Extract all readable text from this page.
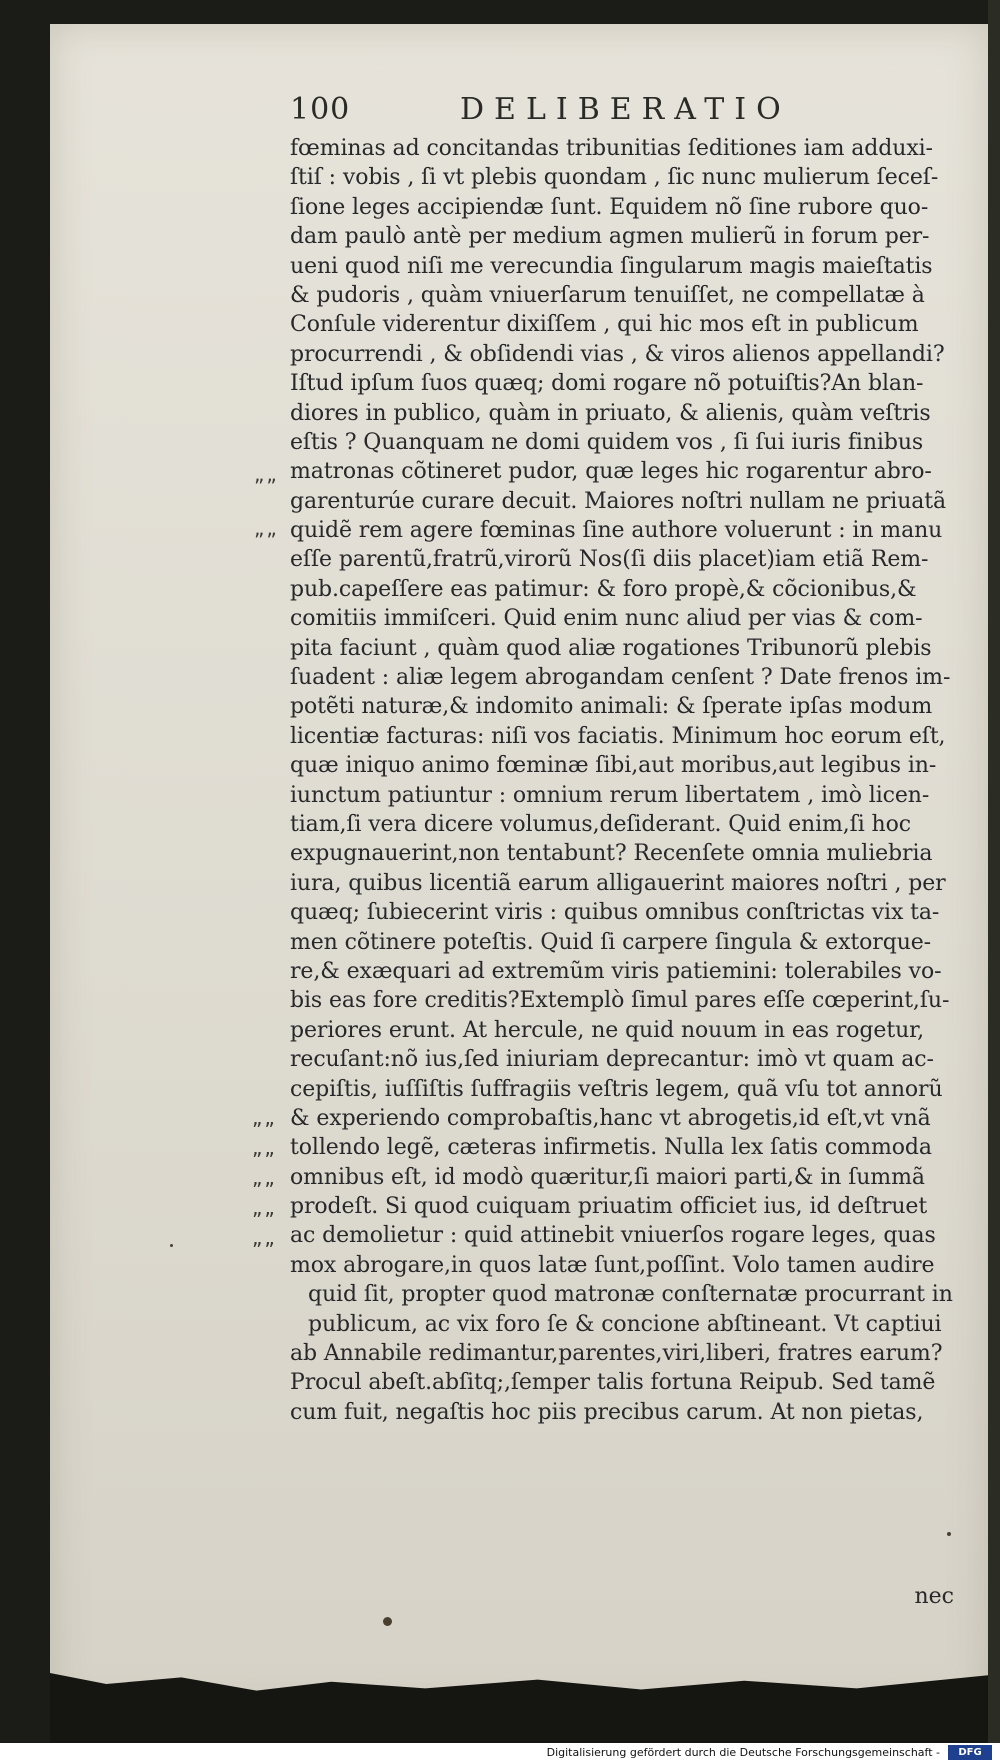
100	DELIBERATIO
fœminas ad concitandas tribunitias ſeditiones iam adduxi-
ſtiſ : vobis , ſi vt plebis quondam , ſic nunc mulierum ſeceſ-
ſione leges accipiendæ ſunt. Equidem nõ ſine rubore quo-
dam paulò antè per medium agmen mulierũ in forum per-
ueni quod niſi me verecundia ſingularum magis maieſtatis
& pudoris , quàm vniuerſarum tenuiſſet, ne compellatæ à
Conſule viderentur dixiſſem , qui hic mos eſt in publicum
procurrendi , & obſidendi vias , & viros alienos appellandi?
Iſtud ipſum ſuos quæq; domi rogare nõ potuiſtis?An blan-
diores in publico, quàm in priuato, & alienis, quàm veſtris
eſtis ? Quanquam ne domi quidem vos , ſi ſui iuris finibus
matronas cõtineret pudor, quæ leges hic rogarentur abro-
garenturúe curare decuit. Maiores noſtri nullam ne priuatã
quidẽ rem agere fœminas ſine authore voluerunt : in manu
eſſe parentũ,fratrũ,virorũ Nos(ſi diis placet)iam etiã Rem-
pub.capeſſere eas patimur: & foro propè,& cõcionibus,&
comitiis immiſceri. Quid enim nunc aliud per vias & com-
pita faciunt , quàm quod aliæ rogationes Tribunorũ plebis
ſuadent : aliæ legem abrogandam cenſent ? Date frenos im-
potẽti naturæ,& indomito animali: & ſperate ipſas modum
licentiæ facturas: niſi vos faciatis. Minimum hoc eorum eſt,
quæ iniquo animo fœminæ ſibi,aut moribus,aut legibus in-
iunctum patiuntur : omnium rerum libertatem , imò licen-
tiam,ſi vera dicere volumus,deſiderant. Quid enim,ſi hoc
expugnauerint,non tentabunt? Recenſete omnia muliebria
iura, quibus licentiã earum alligauerint maiores noſtri , per
quæq; ſubiecerint viris : quibus omnibus conſtrictas vix ta-
men cõtinere poteſtis. Quid ſi carpere ſingula & extorque-
re,& exæquari ad extremũm viris patiemini: tolerabiles vo-
bis eas fore creditis?Extemplò ſimul pares eſſe cœperint,ſu-
periores erunt. At hercule, ne quid nouum in eas rogetur,
recuſant:nõ ius,ſed iniuriam deprecantur: imò vt quam ac-
cepiſtis, iuſſiſtis ſuffragiis veſtris legem, quã vſu tot annorũ
& experiendo comprobaſtis,hanc vt abrogetis,id eſt,vt vnã
tollendo legẽ, cæteras infirmetis. Nulla lex ſatis commoda
omnibus eſt, id modò quæritur,ſi maiori parti,& in ſummã
prodeſt. Si quod cuiquam priuatim officiet ius, id deſtruet
ac demolietur : quid attinebit vniuerſos rogare leges, quas
mox abrogare,in quos latæ ſunt,poſſint. Volo tamen audire
quid ſit, propter quod matronæ conſternatæ procurrant in
publicum, ac vix foro ſe & concione abſtineant. Vt captiui
ab Annabile redimantur,parentes,viri,liberi, fratres earum?
Procul abeſt.abſitq;,ſemper talis fortuna Reipub. Sed tamẽ
cum fuit, negaſtis hoc piis precibus carum. At non pietas,
nec
„„
„„
””
””
””
””
””
Digitalisierung gefördert durch die Deutsche Forschungsgemeinschaft -	DFG
